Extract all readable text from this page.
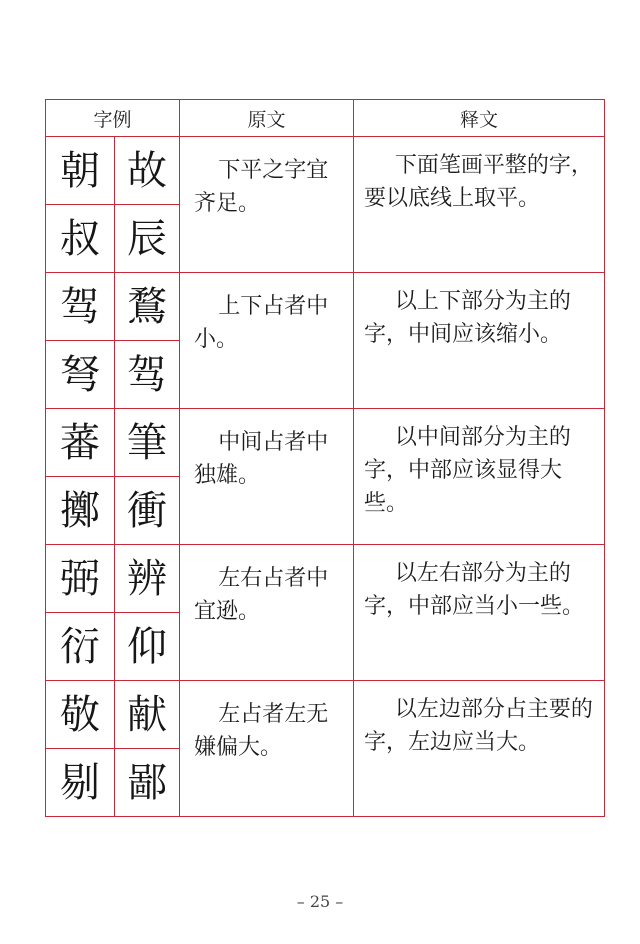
字例		原文	释文
朝	故	下平之字宜齐足。	下面笔画平整的字，要以底线上取平。

叔	辰		
驾	鶩	上下占者中小。	以上下部分为主的字，中间应该缩小。

弩	驾		
蕃	筆	中间占者中独雄。	以中间部分为主的字，中部应该显得大些。

擲	衝		
弼	辨	左右占者中宜逊。	以左右部分为主的字，中部应当小一些。

衍	仰		
敬	献	左占者左无嫌偏大。	以左边部分占主要的字，左边应当大。

剔	鄙		
– 25 –
